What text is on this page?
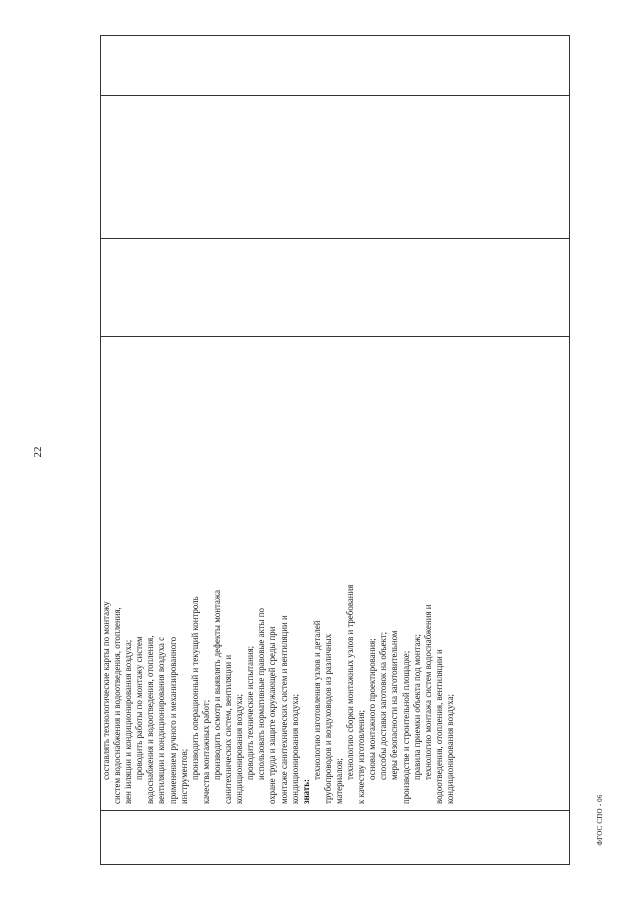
22
составлять технологические карты по монтажу систем водоснабжения и водоотведения, отопления, вен iиляции и кондиционирования воздуха; проводить работы по монтажу систем водоснабжения и водоотведения, отопления, вентиляции и кондиционирования воздуха с применением ручного и механизированного инструментов; производить операционный и текущий контроль качества монтажных работ; производить осмотр и выявлять дефекты монтажа санитехнических систем, вентиляции и кондиционирования воздуха; проводить технические испытания; использовать нормативные правовые акты по охране труда и защите окружающей среды при монтаже санитехнических систем и вентиляции и кондиционирования воздуха; знать:
технологию изготовления узлов и деталей трубопроводов и воздуховодов из различных материалов;
технологию сборки монтажных узлов и требования к качеству изготовления; основы монтажного проектирования; способы доставки заготовок на объект; меры безопасности на заготовительном производстве и строительной площадке; правила приемки объекта под монтаж; технологию монтажа систем водоснабжения и водоотведения, отопления, вентиляции и кондиционирования воздуха;
ФГОС СПО - 06
